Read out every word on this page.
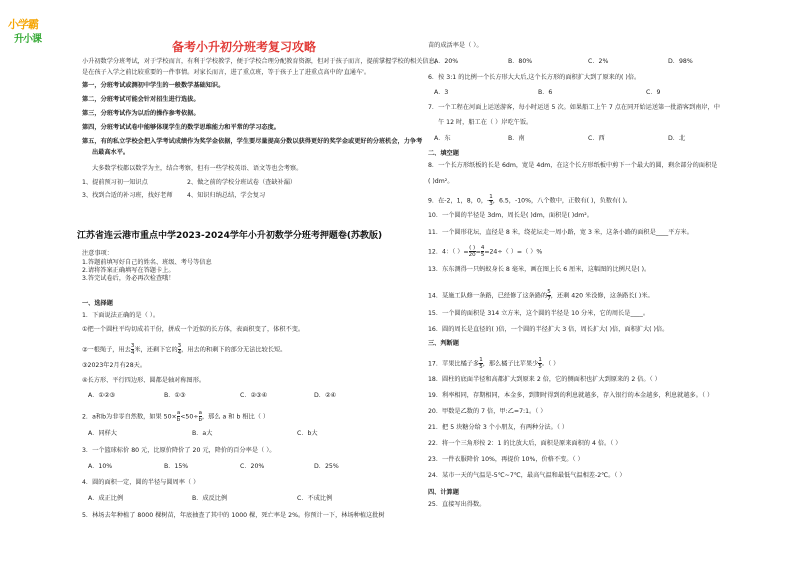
小学霸
升小课
备考小升初分班考复习攻略
小升初数学分班考试，对于学校而言，有利于学校教学，便于学校合理分配教育资源，但对于孩子而言，提前掌握学校的相关信息，
是在孩子入学之前比较重要的一件事情。对家长而言，进了重点班，等于孩子上了进重点高中的'直通车'。
第一，分班考试或测初中学生的一般数学基础知识。
第二，分班考试可能会针对招生进行选拔。
第三，分班考试作为以后的操作参考依据。
第四，分班考试试卷中能够体现学生的数学思维能力和平常的学习态度。
第五，有的私立学校会把入学考试成绩作为奖学金依据，学生要尽量提高分数以获得更好的奖学金或更好的分班机会，力争考
出最高水平。
大多数学校都以数学为主，结合考察，但有一些学校英语、语文等也会考察。
1、提前预习初一知识点	2、做之前的学校分班试卷（查缺补漏）
3、找到合适的补习班，找好老师 4、知识归纳总结，学会复习
江苏省连云港市重点中学2023-2024学年小升初数学分班考押题卷(苏教版)
注意事项：
1.答题前填写好自己的姓名、班级、考号等信息
2.请将答案正确填写在答题卡上。
3.答完试卷后，务必再次检查哦！
一、选择题
1．下面说法正确的是（ ）。
①把一个圆柱平均切成若干份，拼成一个近似的长方体，表面积变了，体积不变。
②一根绳子，用去 $\frac{3}{4}$ 米，还剩下它的 $\frac{3}{4}$ ，用去的和剩下的部分无法比较长短。
③2023年2月有28天。
④长方形、平行四边形、圆都是轴对称图形。
A．①②③	B．①③	C．②③④	D．②④
2．a和b为非零自然数，如果 $50\times \frac{a}{b} <50\div \frac{a}{b}$ ，那么 a 和 b 相比（ ）
A．同样大	B．a大	C．b大
3．一个篮球标价 80 元，比原价降价了 20 元，降价的百分率是（ ）。
A．10%	B．15%	C．20%	D．25%
4．圆的面积一定，圆的半径与圆周率（ ）
A．成正比例	B．成反比例	C．不成比例
5．林场去年种植了 8000 棵树苗，年底抽查了其中的 1000 棵，死亡率是 2%。你预计一下，林场种植这批树
苗的成活率是（ ）。
A．20%	B．80%	C．2%	D．98%
6．按 3:1 的比例一个长方形大大后,这个长方形的面积扩大到了原来的( )倍。
A．3	B．6	C．9
7．一个工程在河面上运送游客，每小时运送 5 次。如果船工上午 7 点在同开始运送第一批游客到南岸，中
午 12 时，船工在（ ）岸吃午饭。
A．东	B．南	C．西	D．北
二、填空题
8．一个长方形纸板的长是 6dm，宽是 4dm，在这个长方形纸板中剪下一个最大的圆，剩余部分的面积是
( )dm²。
9．在-2，1，8，0，- $\frac{1}{3}$ ，6.5，-10%，八个数中，正数有( )，负数有( )。
10．一个圆的半径是 3dm，周长是( )dm，面积是( )dm²。
11．一个圆形花坛，直径是 8 米，绕花坛走一周小路，宽 3 米，这条小路的面积是____平方米。
12．4：（ ）= $\frac{( )}{20} = \frac{4}{5} =24\div$（ ）=（ ）%
13．东东测得一只蚂蚁身长 8 毫米，画在图上长 6 厘米，这幅图的比例尺是( )。
14．某施工队修一条路，已经修了这条路的 $\frac{5}{7}$ ，还剩 420 米没修，这条路长( )米。
15．一个圆的面积是 314 立方米，这个圆的半径是 10 分米，它的周长是____。
16．圆的周长是直径的( )倍，一个圆的半径扩大 3 倍，周长扩大( )倍，面积扩大( )倍。
三、判断题
17．苹果比橘子多 $\frac{1}{5}$ ，那么橘子比苹果少 $\frac{1}{5}$ 。（ ）
18．圆柱的底面半径和高都扩大到原来 2 倍，它的侧面积也扩大到原来的 2 倍。（ ）
19．利率相同，存期相同，本金多，到期时得到的利息就越多，存入银行的本金越多，利息就越多。（ ）
20．甲数是乙数的 7 倍，甲:乙=7:1。（ ）
21．把 5 块糖分给 3 个小朋友，有两种分法。（ ）
22．将一个三角形按 2：1 的比放大后，面积是原来面积的 4 倍。（ ）
23．一件衣服降价 10%，再提价 10%，价格不变。（ ）
24．某市一天的气温是-5℃~7℃，最高气温和最低气温相差-2℃。（ ）
四、计算题
25．直接写出得数。
